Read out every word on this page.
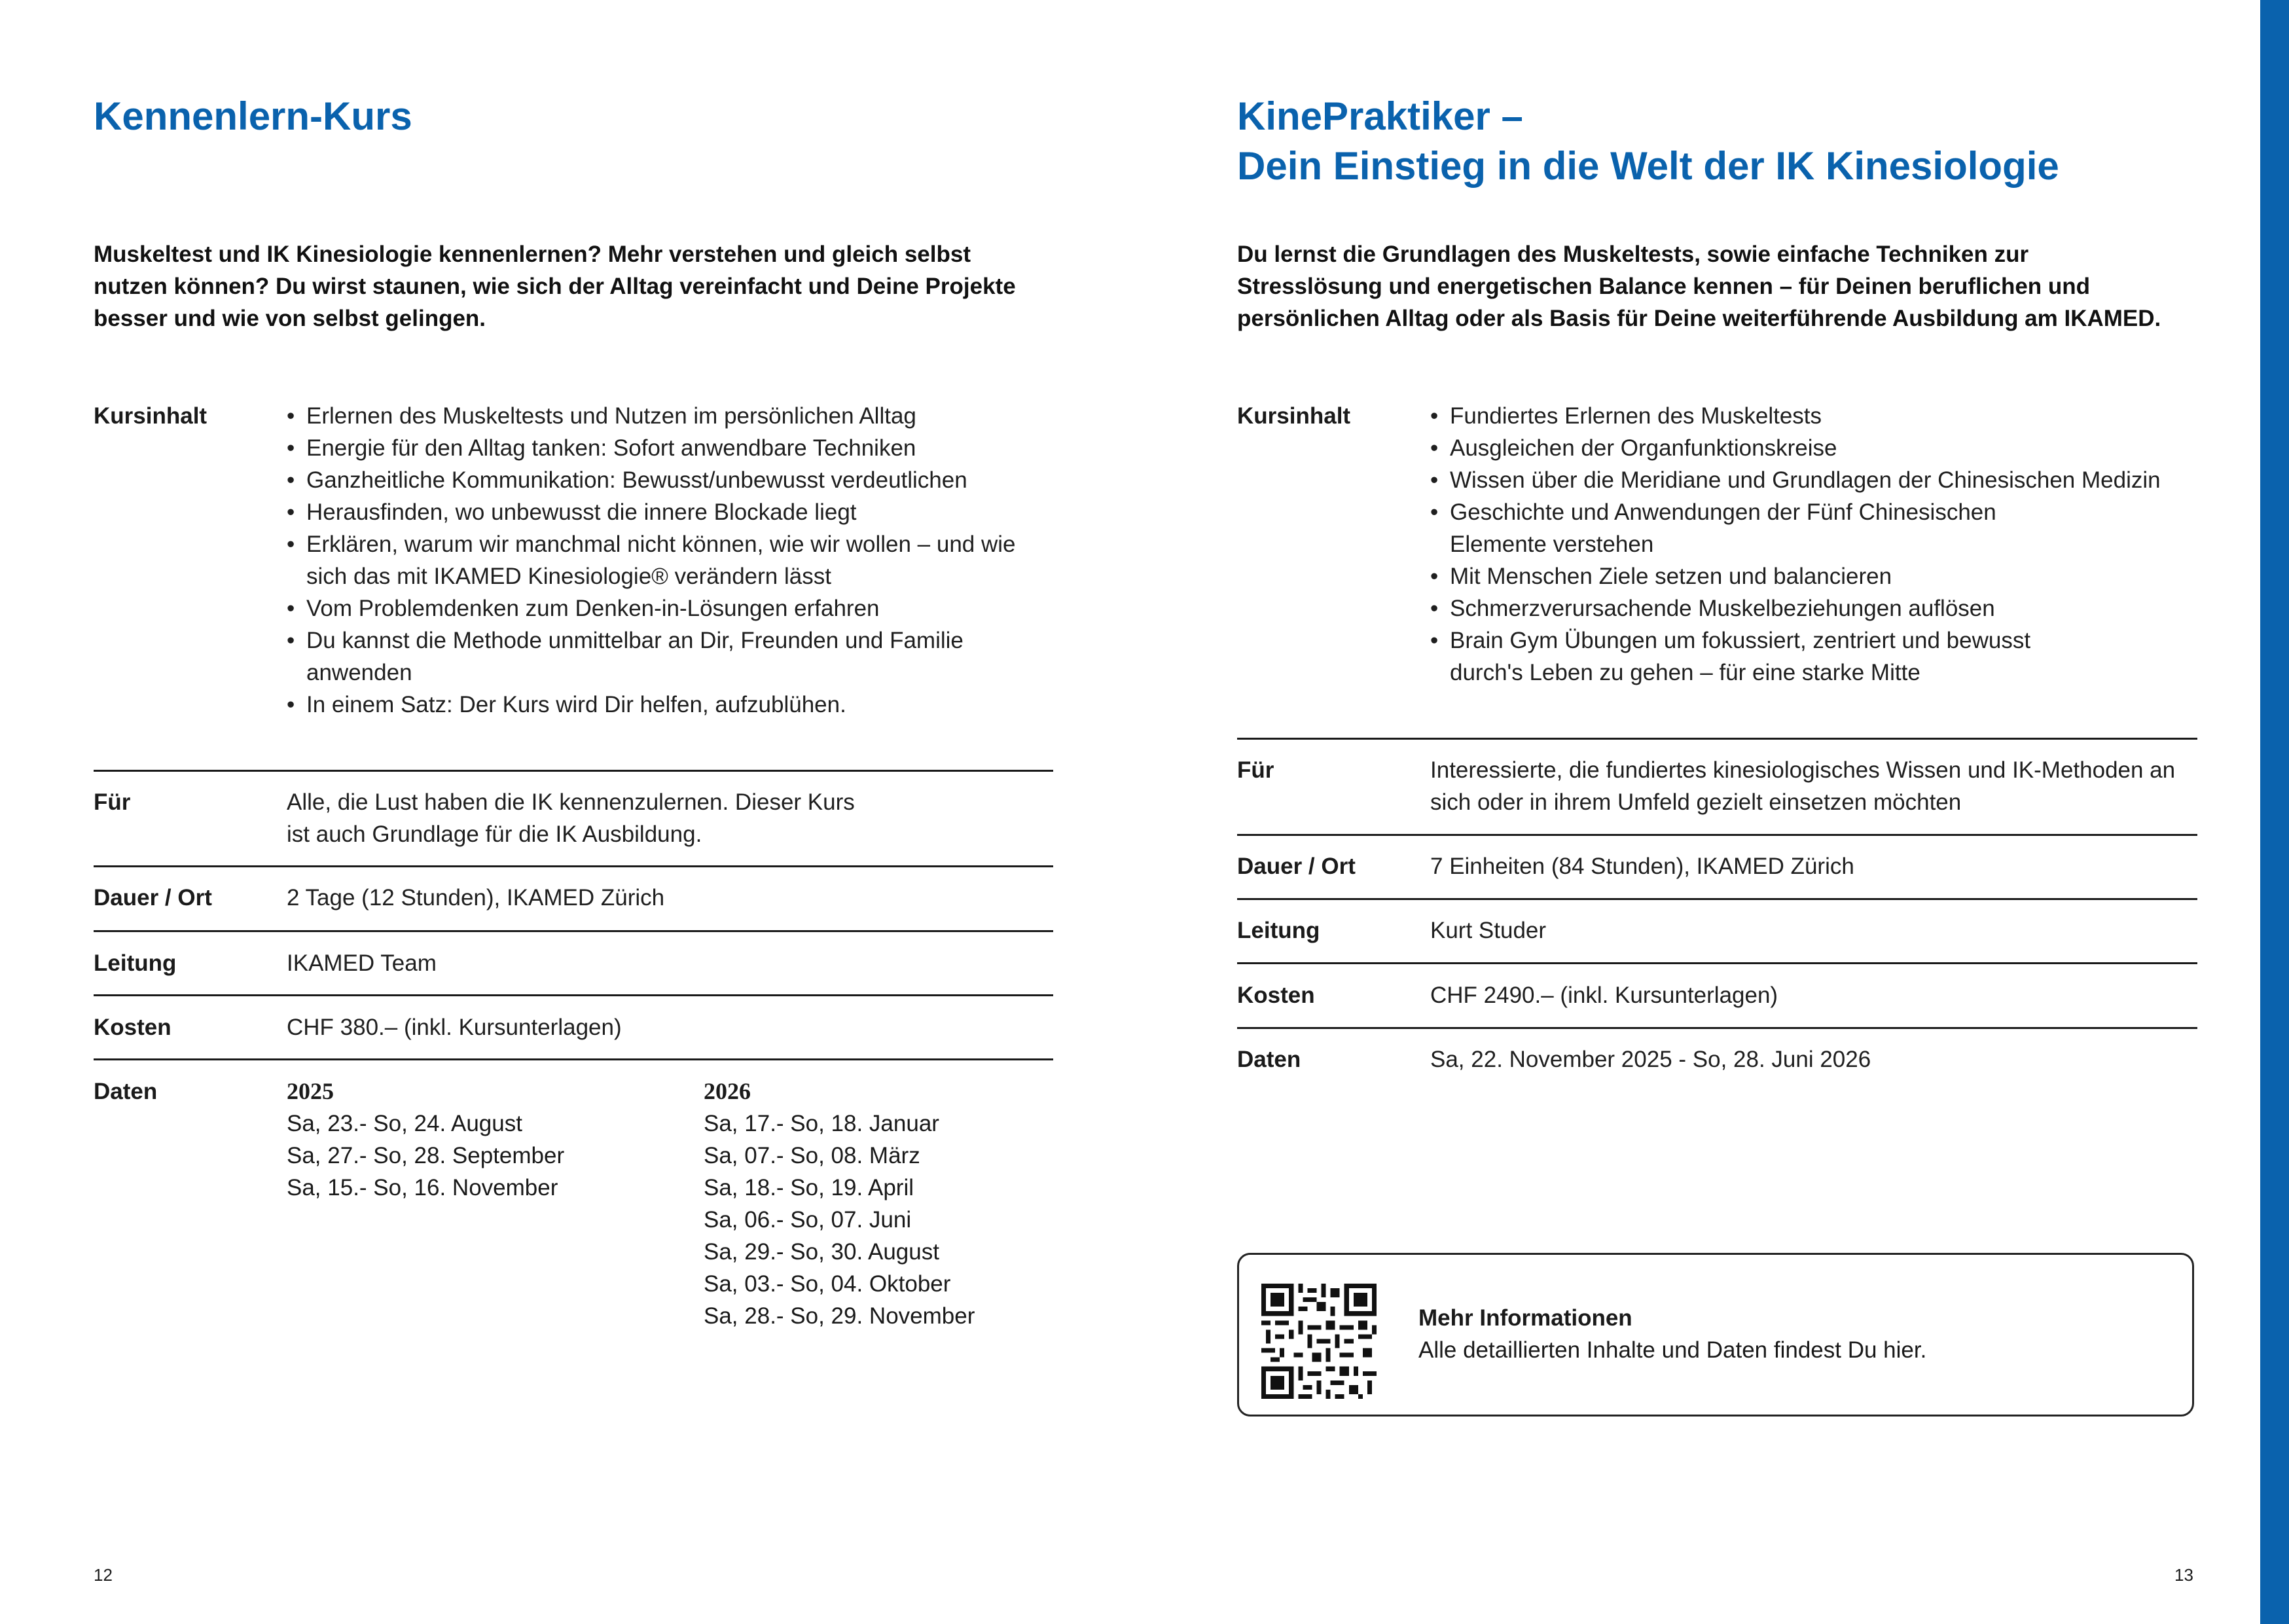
Kennenlern-Kurs
Muskeltest und IK Kinesiologie kennenlernen? Mehr verstehen und gleich selbst nutzen können? Du wirst staunen, wie sich der Alltag vereinfacht und Deine Projekte besser und wie von selbst gelingen.
Kursinhalt	• Erlernen des Muskeltests und Nutzen im persönlichen Alltag
• Energie für den Alltag tanken: Sofort anwendbare Techniken
• Ganzheitliche Kommunikation: Bewusst/unbewusst verdeutlichen
• Herausfinden, wo unbewusst die innere Blockade liegt
• Erklären, warum wir manchmal nicht können, wie wir wollen – und wie sich das mit IKAMED Kinesiologie® verändern lässt
• Vom Problemdenken zum Denken-in-Lösungen erfahren
• Du kannst die Methode unmittelbar an Dir, Freunden und Familie anwenden
• In einem Satz: Der Kurs wird Dir helfen, aufzublühen.
Für	Alle, die Lust haben die IK kennenzulernen. Dieser Kurs ist auch Grundlage für die IK Ausbildung.
Dauer / Ort	2 Tage (12 Stunden), IKAMED Zürich
Leitung	IKAMED Team
Kosten	CHF 380.– (inkl. Kursunterlagen)
Daten	2025
Sa, 23.- So, 24. August
Sa, 27.- So, 28. September
Sa, 15.- So, 16. November
2026
Sa, 17.- So, 18. Januar
Sa, 07.- So, 08. März
Sa, 18.- So, 19. April
Sa, 06.- So, 07. Juni
Sa, 29.- So, 30. August
Sa, 03.- So, 04. Oktober
Sa, 28.- So, 29. November
12
KinePraktiker –
Dein Einstieg in die Welt der IK Kinesiologie
Du lernst die Grundlagen des Muskeltests, sowie einfache Techniken zur Stresslösung und energetischen Balance kennen – für Deinen beruflichen und persönlichen Alltag oder als Basis für Deine weiterführende Ausbildung am IKAMED.
Kursinhalt	• Fundiertes Erlernen des Muskeltests
• Ausgleichen der Organfunktionskreise
• Wissen über die Meridiane und Grundlagen der Chinesischen Medizin
• Geschichte und Anwendungen der Fünf Chinesischen Elemente verstehen
• Mit Menschen Ziele setzen und balancieren
• Schmerzverursachende Muskelbeziehungen auflösen
• Brain Gym Übungen um fokussiert, zentriert und bewusst durch's Leben zu gehen – für eine starke Mitte
Für	Interessierte, die fundiertes kinesiologisches Wissen und IK-Methoden an sich oder in ihrem Umfeld gezielt einsetzen möchten
Dauer / Ort	7 Einheiten (84 Stunden), IKAMED Zürich
Leitung	Kurt Studer
Kosten	CHF 2490.– (inkl. Kursunterlagen)
Daten	Sa, 22. November 2025 - So, 28. Juni 2026
Mehr Informationen
Alle detaillierten Inhalte und Daten findest Du hier.
13
